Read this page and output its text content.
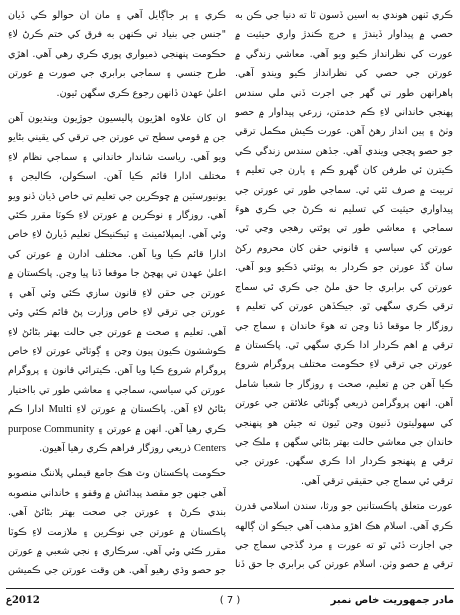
ڪري ٽنهن هوندي به اسين ڏسون ٿا ته دنيا جي ڪن به حصي ۾ پيداوار ڏيندڙ ۽ خرچ ڪندڙ واري حيثيت ۾ عورت کي نظرانداز ڪيو ويو آهي. معاشي زندگي ۾ عورتن جي حصي کي نظرانداز ڪيو ويندو آهي. ٻاهرانهن طور تي گهر جي اجرت ڏني ملي سندس پهنجي خانداني لاءِ ڪم خدمتن، زرعي پيداوار ۾ حصو وٺڻ ۽ ٻين انداز رهڻ آهن. عورت ڪيش مڪمل ترقي جو حصو ڀڃجي ويندي آهي. جڏهن سندس زندگي ڪي ڪيترن ئي طرفن کان گهرو ڪم ۽ ٻارن جي تعليم ۽ تربيت ۾ صرف ٿئي ٿي. سماجي طور تي عورتن جي پيداواري حيثيت کي تسليم نه ڪرڻ جي ڪري هوءَ سماجي ۽ معاشي طور تي پوئتي رهجي وڃي ٿي. عورتن کي سياسي ۽ قانوني حقن کان محروم رکڻ سان گڏ عورتن جو ڪردار به پوئتي ڌڪيو ويو آهي. عورتن کي برابري جا حق ملڻ جي ڪري ئي سماج ترقي ڪري سگهي ٿو. جيڪڏهن عورتن کي تعليم ۽ روزگار جا موقعا ڏنا وڃن ته هوءَ خاندان ۽ سماج جي ترقي ۾ اهم ڪردار ادا ڪري سگهي ٿي. پاڪستان ۾ عورتن جي ترقي لاءِ حڪومت مختلف پروگرام شروع ڪيا آهن جن ۾ تعليم، صحت ۽ روزگار جا شعبا شامل آهن. انهن پروگرامن ذريعي ڳوٺاڻي علائقن جي عورتن کي سهوليتون ڏنيون وڃن ٿيون ته جيئن هو پنهنجي خاندان جي معاشي حالت بهتر بڻائي سگهن ۽ ملڪ جي ترقي ۾ پنهنجو ڪردار ادا ڪري سگهن. عورتن جي ترقي ئي سماج جي حقيقي ترقي آهي.

عورت متعلق پاڪستانين جو ورثا، سندن اسلامي قدرن ڪري آهي. اسلام هڪ اهڙو مذهب آهي جيڪو ان ڳالهه جي اجازت ڏئي ٿو ته عورت ۽ مرد گڏجي سماج جي ترقي ۾ حصو وٺن. اسلام عورتن کي برابري جا حق ڏنا

ڪري ۽ ٻر جاڳايل آهي ۽ مان ان حوالو ڪي ڏيان "جنس جي بنياد تي ڪنهن به فرق کي ختم ڪرڻ لاءِ حڪومت پنهنجي ذميواري پوري ڪري رهي آهي. اهڙي طرح جنسي ۽ سماجي برابري جي صورت ۾ عورتن اعليٰ عهدن ڏانهن رجوع ڪري سگهن ٿيون.

ان کان علاوه اهڙيون پاليسيون جوڙيون وينديون آهن جن ۾ قومي سطح تي عورتن جي ترقي کي يقيني بڻايو ويو آهي. رياست شاندار خانداني ۽ سماجي نظام لاءِ مختلف ادارا قائم ڪيا آهن. اسڪولن، ڪاليجن ۽ يونيورسٽين ۾ ڇوڪرين جي تعليم تي خاص ڌيان ڏنو ويو آهي. روزگار ۽ نوڪرين ۾ عورتن لاءِ ڪوٽا مقرر ڪئي وئي آهي. ايمپلائمينٽ ۽ ٽيڪنيڪل تعليم ڏيارڻ لاءِ خاص ادارا قائم ڪيا ويا آهن. مختلف ادارن ۾ عورتن کي اعليٰ عهدن تي پهچڻ جا موقعا ڏنا پيا وڃن. پاڪستان ۾ عورتن جي حقن لاءِ قانون سازي ڪئي وئي آهي ۽ عورتن جي ترقي لاءِ خاص وزارت پڻ قائم ڪئي وئي آهي. تعليم ۽ صحت ۾ عورتن جي حالت بهتر بڻائڻ لاءِ ڪوششون ڪيون پيون وڃن ۽ ڳوٺاڻي عورتن لاءِ خاص پروگرام شروع ڪيا ويا آهن. ڪيترائي قانون ۽ پروگرام عورتن کي سياسي، سماجي ۽ معاشي طور تي بااختيار بڻائڻ لاءِ آهن. پاڪستان ۾ عورتن لاءِ Multi ادارا ڪم ڪري رهيا آهن. انهن ۾ عورتن ۽ purpose Community Centers ذريعي روزگار فراهم ڪري رهيا آهيون.

حڪومت پاڪستان وٽ هڪ جامع قيملي پلاننگ منصوبو آهي جنهن جو مقصد پيدائش ۾ وقفو ۽ خانداني منصوبه بندي ڪرڻ ۽ عورتن جي صحت بهتر بڻائڻ آهي. پاڪستان ۾ عورتن جي نوڪرين ۽ ملازمت لاءِ ڪوٽا مقرر ڪئي وئي آهي. سرڪاري ۽ نجي شعبي ۾ عورتن جو حصو وڌي رهيو آهي. هن وقت عورتن جي ڪميشن

2012ع	( 7 )	مادر جمهوريت خاص نمبر
